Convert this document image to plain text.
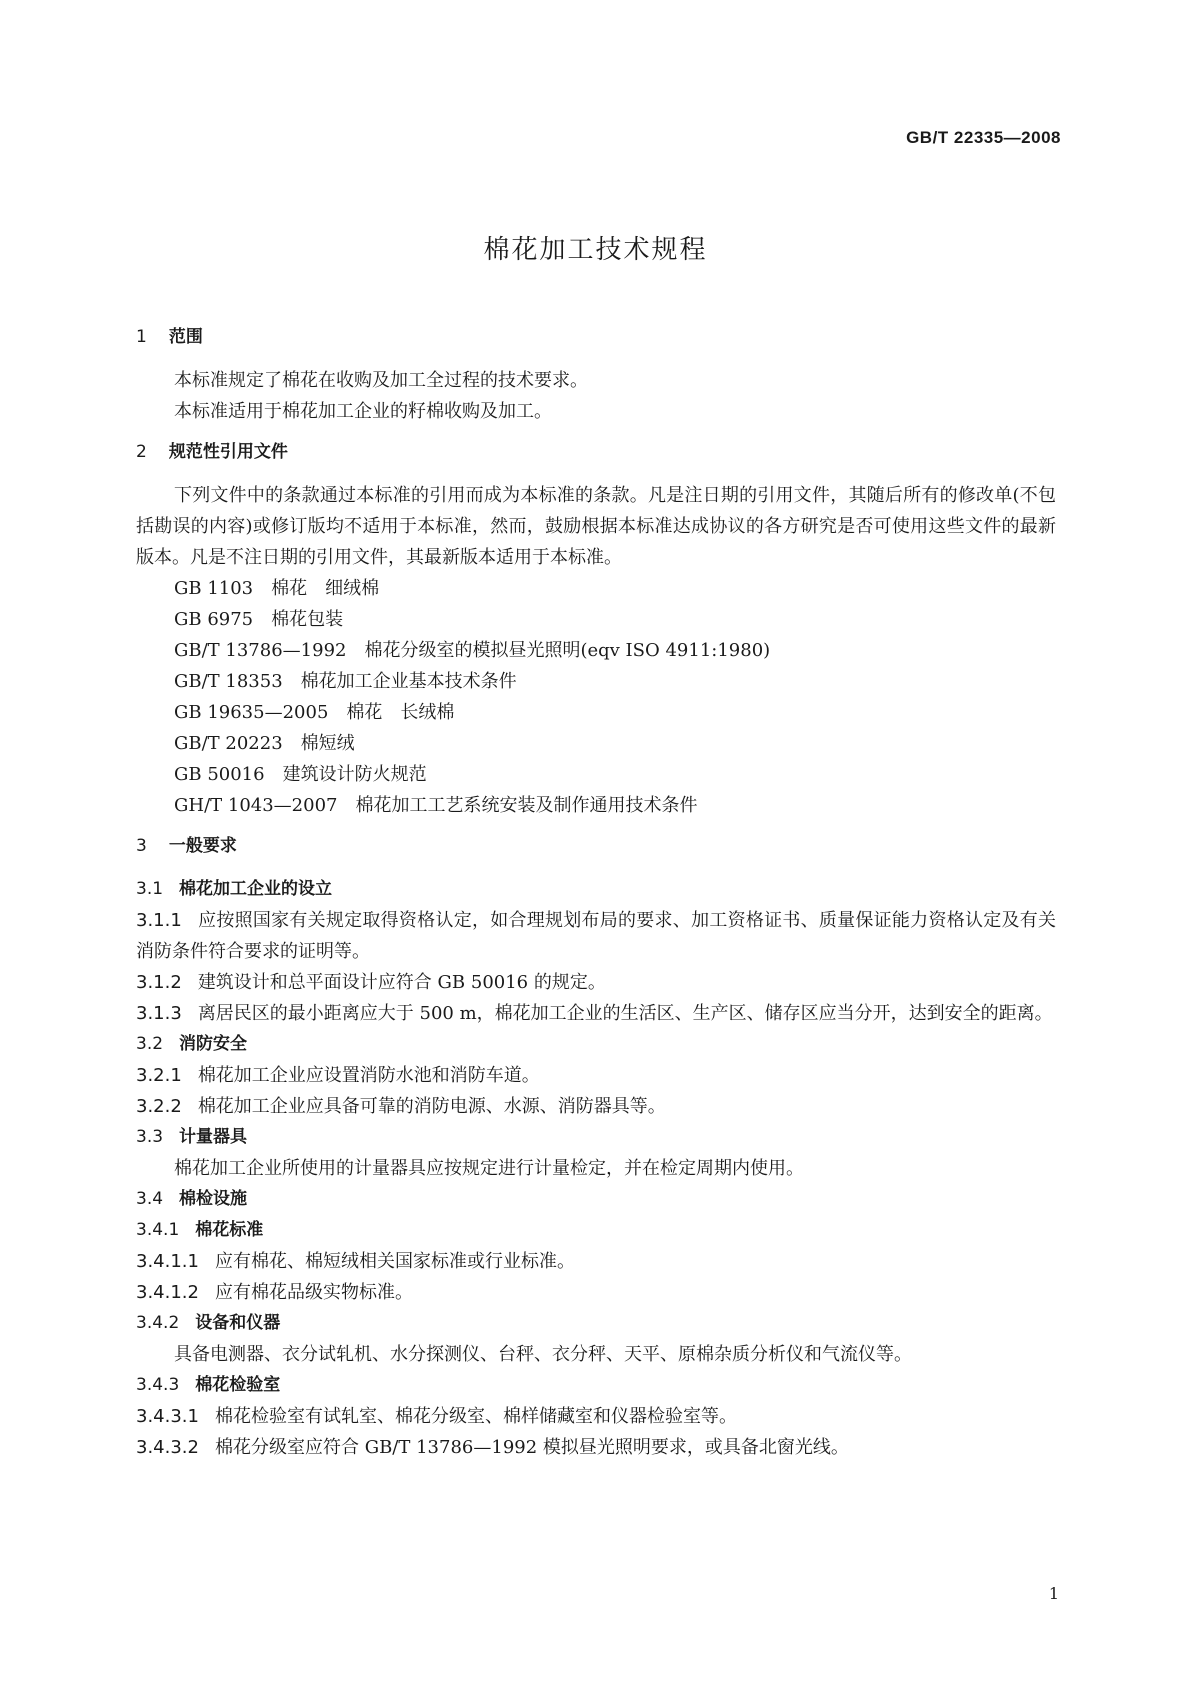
GB/T 22335—2008
棉花加工技术规程
1 范围
本标准规定了棉花在收购及加工全过程的技术要求。
本标准适用于棉花加工企业的籽棉收购及加工。
2 规范性引用文件
下列文件中的条款通过本标准的引用而成为本标准的条款。凡是注日期的引用文件，其随后所有的修改单(不包括勘误的内容)或修订版均不适用于本标准，然而，鼓励根据本标准达成协议的各方研究是否可使用这些文件的最新版本。凡是不注日期的引用文件，其最新版本适用于本标准。
GB 1103 棉花　细绒棉
GB 6975 棉花包装
GB/T 13786—1992 棉花分级室的模拟昼光照明(eqv ISO 4911:1980)
GB/T 18353 棉花加工企业基本技术条件
GB 19635—2005 棉花　长绒棉
GB/T 20223 棉短绒
GB 50016 建筑设计防火规范
GH/T 1043—2007 棉花加工工艺系统安装及制作通用技术条件
3 一般要求
3.1 棉花加工企业的设立
3.1.1 应按照国家有关规定取得资格认定，如合理规划布局的要求、加工资格证书、质量保证能力资格认定及有关消防条件符合要求的证明等。
3.1.2 建筑设计和总平面设计应符合 GB 50016 的规定。
3.1.3 离居民区的最小距离应大于 500 m，棉花加工企业的生活区、生产区、储存区应当分开，达到安全的距离。
3.2 消防安全
3.2.1 棉花加工企业应设置消防水池和消防车道。
3.2.2 棉花加工企业应具备可靠的消防电源、水源、消防器具等。
3.3 计量器具
棉花加工企业所使用的计量器具应按规定进行计量检定，并在检定周期内使用。
3.4 棉检设施
3.4.1 棉花标准
3.4.1.1 应有棉花、棉短绒相关国家标准或行业标准。
3.4.1.2 应有棉花品级实物标准。
3.4.2 设备和仪器
具备电测器、衣分试轧机、水分探测仪、台秤、衣分秤、天平、原棉杂质分析仪和气流仪等。
3.4.3 棉花检验室
3.4.3.1 棉花检验室有试轧室、棉花分级室、棉样储藏室和仪器检验室等。
3.4.3.2 棉花分级室应符合 GB/T 13786—1992 模拟昼光照明要求，或具备北窗光线。
1
